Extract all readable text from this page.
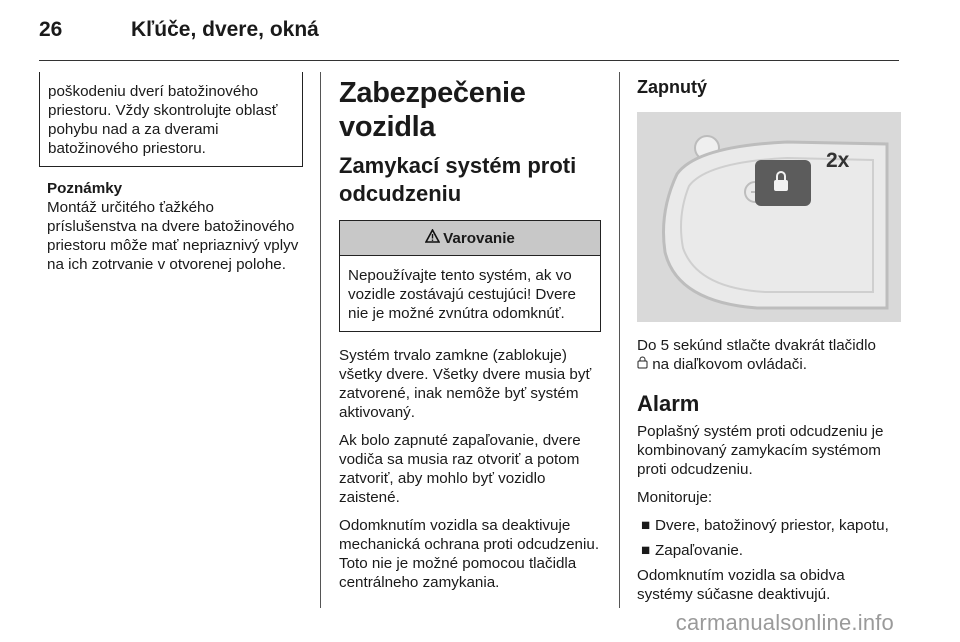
26	Kľúče, dvere, okná
poškodeniu dverí batožinového priestoru. Vždy skontrolujte oblasť pohybu nad a za dverami batožinového priestoru.
Poznámky
Montáž určitého ťažkého príslušenstva na dvere batožinového priestoru môže mať nepriaznivý vplyv na ich zotrvanie v otvorenej polohe.
Zabezpečenie vozidla
Zamykací systém proti odcudzeniu
Varovanie
Nepoužívajte tento systém, ak vo vozidle zostávajú cestujúci! Dvere nie je možné zvnútra odomknúť.

Systém trvalo zamkne (zablokuje) všetky dvere. Všetky dvere musia byť zatvorené, inak nemôže byť systém aktivovaný.

Ak bolo zapnuté zapaľovanie, dvere vodiča sa musia raz otvoriť a potom zatvoriť, aby mohlo byť vozidlo zaistené.

Odomknutím vozidla sa deaktivuje mechanická ochrana proti odcudzeniu. Toto nie je možné pomocou tlačidla centrálneho zamykania.

Zapnutý
2x

Do 5 sekúnd stlačte dvakrát tlačidlo
na diaľkovom ovládači.

Alarm

Poplašný systém proti odcudzeniu je kombinovaný zamykacím systémom proti odcudzeniu.

Monitoruje:

■ Dvere, batožinový priestor, kapotu,
■ Zapaľovanie.

Odomknutím vozidla sa obidva systémy súčasne deaktivujú.

carmanualsonline.info
